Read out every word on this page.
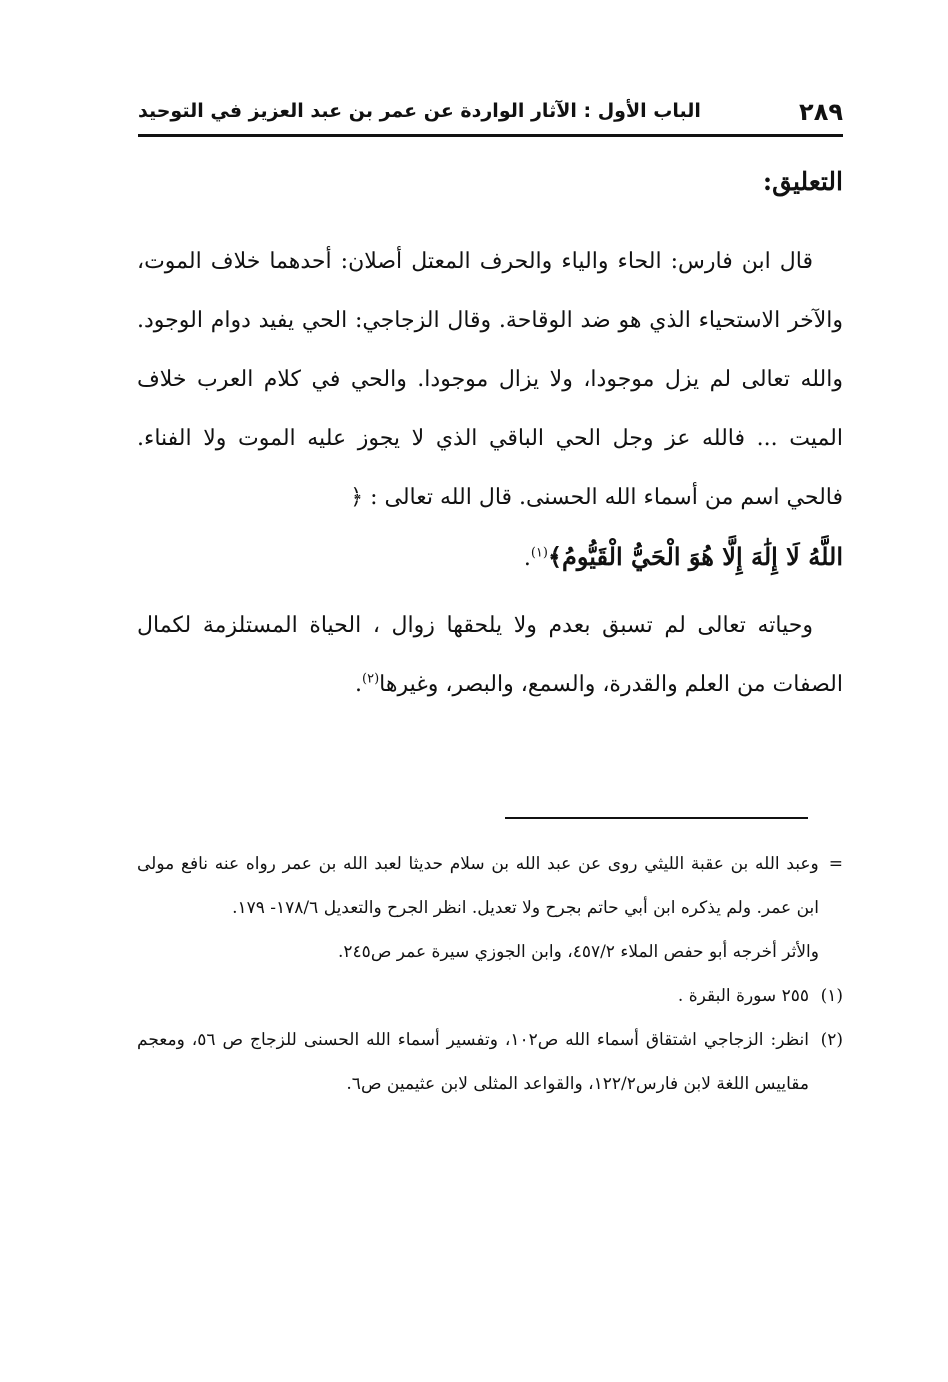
٢٨٩
الباب الأول : الآثار الواردة عن عمر بن عبد العزيز في التوحيد
التعليق:

قال ابن فارس: الحاء والياء والحرف المعتل أصلان: أحدهما خلاف الموت، والآخر الاستحياء الذي هو ضد الوقاحة. وقال الزجاجي: الحي يفيد دوام الوجود. والله تعالى لم يزل موجودا، ولا يزال موجودا. والحي في كلام العرب خلاف الميت ... فالله عز وجل الحي الباقي الذي لا يجوز عليه الموت ولا الفناء. فالحي اسم من أسماء الله الحسنى. قال الله تعالى : ﴿

اللَّهُ لَا إِلَٰهَ إِلَّا هُوَ الْحَيُّ الْقَيُّومُ﴾$^{(١)}$.

وحياته تعالى لم تسبق بعدم ولا يلحقها زوال ، الحياة المستلزمة لكمال الصفات من العلم والقدرة، والسمع، والبصر، وغيرها$^{(٢)}$.

=وعبد الله بن عقبة الليثي روى عن عبد الله بن سلام حديثا لعبد الله بن عمر رواه عنه نافع مولى ابن عمر. ولم يذكره ابن أبي حاتم بجرح ولا تعديل. انظر الجرح والتعديل ١٧٨/٦- ١٧٩.

والأثر أخرجه أبو حفص الملاء ٤٥٧/٢، وابن الجوزي سيرة عمر ص٢٤٥.

(١)
٢٥٥ سورة البقرة .
(٢)
انظر: الزجاجي اشتقاق أسماء الله ص١٠٢، وتفسير أسماء الله الحسنى للزجاج ص ٥٦، ومعجم مقاييس اللغة لابن فارس١٢٢/٢، والقواعد المثلى لابن عثيمين ص٦.
